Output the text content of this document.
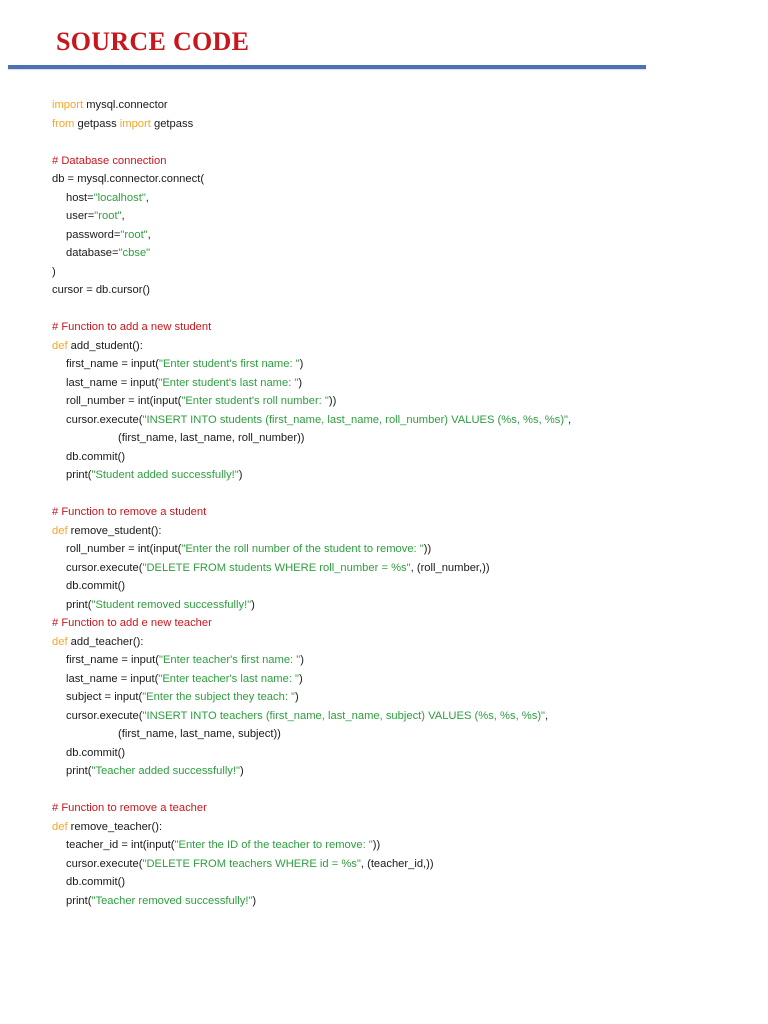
SOURCE CODE
import mysql.connector
from getpass import getpass
# Database connection
db = mysql.connector.connect(
host="localhost",
user="root",
password="root",
database="cbse"
)
cursor = db.cursor()
# Function to add a new student
def add_student():
first_name = input("Enter student's first name: ")
last_name = input("Enter student's last name: ")
roll_number = int(input("Enter student's roll number: "))
cursor.execute("INSERT INTO students (first_name, last_name, roll_number) VALUES (%s, %s, %s)",
(first_name, last_name, roll_number))
db.commit()
print("Student added successfully!")
# Function to remove a student
def remove_student():
roll_number = int(input("Enter the roll number of the student to remove: "))
cursor.execute("DELETE FROM students WHERE roll_number = %s", (roll_number,))
db.commit()
print("Student removed successfully!")
# Function to add e new teacher
def add_teacher():
first_name = input("Enter teacher's first name: ")
last_name = input("Enter teacher's last name: ")
subject = input("Enter the subject they teach: ")
cursor.execute("INSERT INTO teachers (first_name, last_name, subject) VALUES (%s, %s, %s)",
(first_name, last_name, subject))
db.commit()
print("Teacher added successfully!")
# Function to remove a teacher
def remove_teacher():
teacher_id = int(input("Enter the ID of the teacher to remove: "))
cursor.execute("DELETE FROM teachers WHERE id = %s", (teacher_id,))
db.commit()
print("Teacher removed successfully!")
